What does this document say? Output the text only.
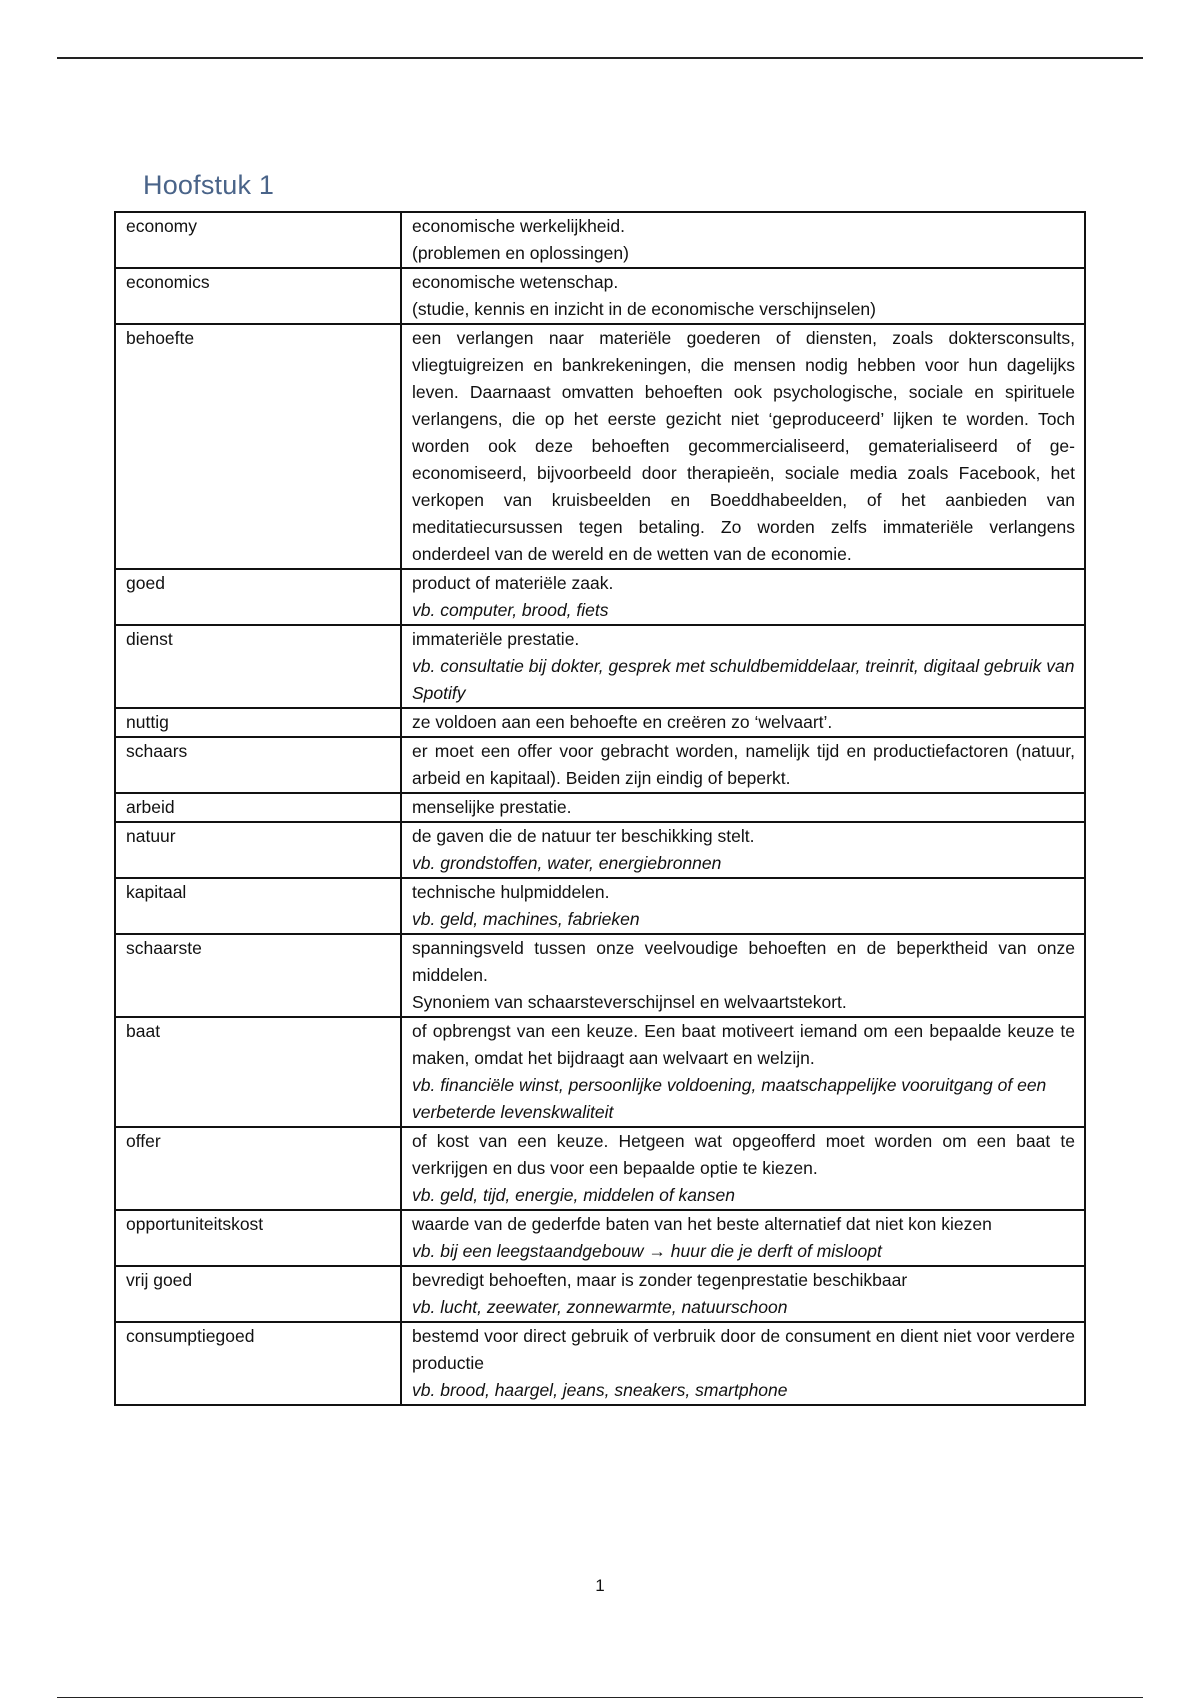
Hoofstuk 1
economy	economische werkelijkheid.

(problemen en oplossingen)

economics	economische wetenschap.

(studie, kennis en inzicht in de economische verschijnselen)

behoefte	een verlangen naar materiële goederen of diensten, zoals doktersconsults, vliegtuigreizen en bankrekeningen, die mensen nodig hebben voor hun dagelijks leven. Daarnaast omvatten behoeften ook psychologische, sociale en spirituele verlangens, die op het eerste gezicht niet ‘geproduceerd’ lijken te worden. Toch worden ook deze behoeften gecommercialiseerd, gematerialiseerd of ge-economiseerd, bijvoorbeeld door therapieën, sociale media zoals Facebook, het verkopen van kruisbeelden en Boeddhabeelden, of het aanbieden van meditatiecursussen tegen betaling. Zo worden zelfs immateriële verlangens onderdeel van de wereld en de wetten van de economie.

goed	product of materiële zaak.

vb. computer, brood, fiets

dienst	immateriële prestatie.

vb. consultatie bij dokter, gesprek met schuldbemiddelaar, treinrit, digitaal gebruik van Spotify

nuttig	ze voldoen aan een behoefte en creëren zo ‘welvaart’.

schaars	er moet een offer voor gebracht worden, namelijk tijd en productiefactoren (natuur, arbeid en kapitaal). Beiden zijn eindig of beperkt.

arbeid	menselijke prestatie.

natuur	de gaven die de natuur ter beschikking stelt.

vb. grondstoffen, water, energiebronnen

kapitaal	technische hulpmiddelen.

vb. geld, machines, fabrieken

schaarste	spanningsveld tussen onze veelvoudige behoeften en de beperktheid van onze middelen.

Synoniem van schaarsteverschijnsel en welvaartstekort.

baat	of opbrengst van een keuze. Een baat motiveert iemand om een bepaalde keuze te maken, omdat het bijdraagt aan welvaart en welzijn.

vb. financiële winst, persoonlijke voldoening, maatschappelijke vooruitgang of een verbeterde levenskwaliteit

offer	of kost van een keuze. Hetgeen wat opgeofferd moet worden om een baat te verkrijgen en dus voor een bepaalde optie te kiezen.

vb. geld, tijd, energie, middelen of kansen

opportuniteitskost	waarde van de gederfde baten van het beste alternatief dat niet kon kiezen

vb. bij een leegstaandgebouw → huur die je derft of misloopt

vrij goed	bevredigt behoeften, maar is zonder tegenprestatie beschikbaar

vb. lucht, zeewater, zonnewarmte, natuurschoon

consumptiegoed	bestemd voor direct gebruik of verbruik door de consument en dient niet voor verdere productie

vb. brood, haargel, jeans, sneakers, smartphone

1
